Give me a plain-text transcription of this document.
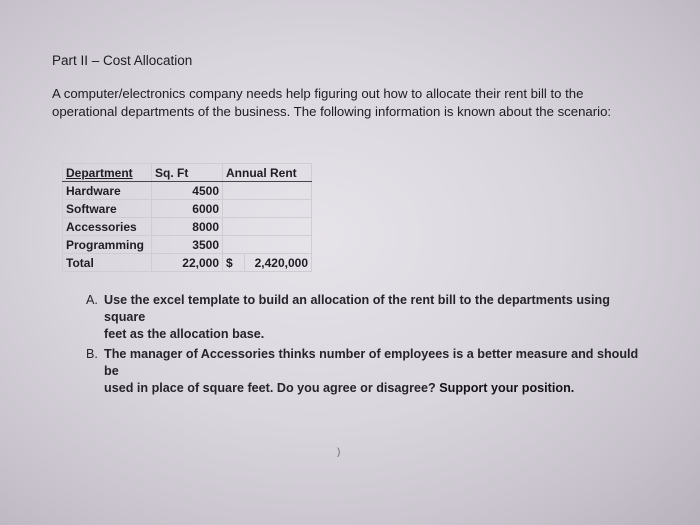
Part II – Cost Allocation
A computer/electronics company needs help figuring out how to allocate their rent bill to the
operational departments of the business. The following information is known about the scenario:
Department	Sq. Ft	Annual Rent	
Hardware	4500		
Software	6000		
Accessories	8000		
Programming	3500		
Total	22,000	$	2,420,000
A. Use the excel template to build an allocation of the rent bill to the departments using square
feet as the allocation base.
B. The manager of Accessories thinks number of employees is a better measure and should be
used in place of square feet. Do you agree or disagree? Support your position.
)
